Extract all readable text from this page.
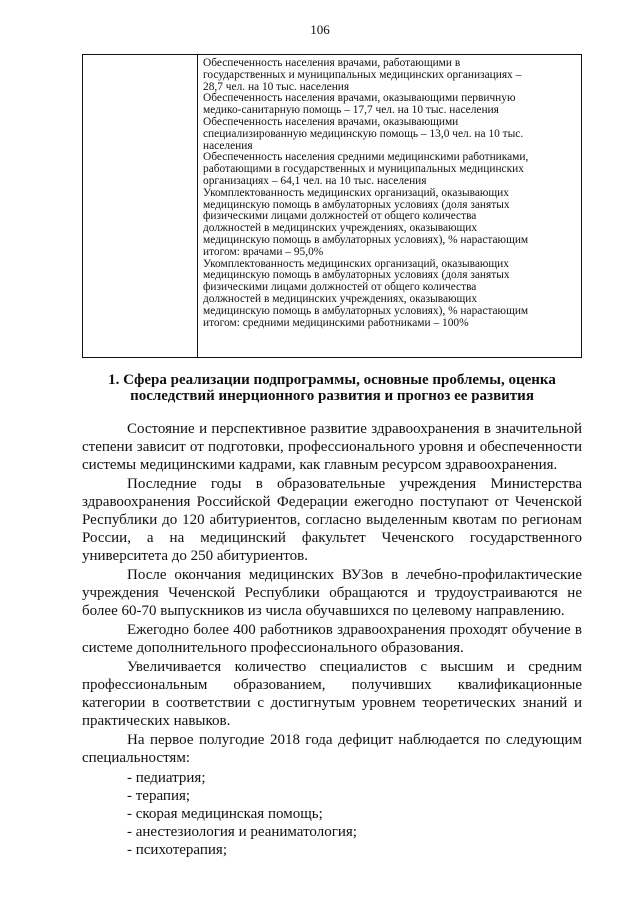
106

Обеспеченность населения врачами, работающими в
государственных и муниципальных медицинских организациях –
28,7 чел. на 10 тыс. населения

Обеспеченность населения врачами, оказывающими первичную
медико-санитарную помощь – 17,7 чел. на 10 тыс. населения

Обеспеченность населения врачами, оказывающими
специализированную медицинскую помощь – 13,0 чел. на 10 тыс.
населения

Обеспеченность населения средними медицинскими работниками,
работающими в государственных и муниципальных медицинских
организациях – 64,1 чел. на 10 тыс. населения

Укомплектованность медицинских организаций, оказывающих
медицинскую помощь в амбулаторных условиях (доля занятых
физическими лицами должностей от общего количества
должностей в медицинских учреждениях, оказывающих
медицинскую помощь в амбулаторных условиях), % нарастающим
итогом: врачами – 95,0%

Укомплектованность медицинских организаций, оказывающих
медицинскую помощь в амбулаторных условиях (доля занятых
физическими лицами должностей от общего количества
должностей в медицинских учреждениях, оказывающих
медицинскую помощь в амбулаторных условиях), % нарастающим
итогом: средними медицинскими работниками – 100%

1. Сфера реализации подпрограммы, основные проблемы, оценка
последствий инерционного развития и прогноз ее развития

Состояние и перспективное развитие здравоохранения в значительной степени зависит от подготовки, профессионального уровня и обеспеченности системы медицинскими кадрами, как главным ресурсом здравоохранения.

Последние годы в образовательные учреждения Министерства здравоохранения Российской Федерации ежегодно поступают от Чеченской Республики до 120 абитуриентов, согласно выделенным квотам по регионам России, а на медицинский факультет Чеченского государственного университета до 250 абитуриентов.

После окончания медицинских ВУЗов в лечебно-профилактические учреждения Чеченской Республики обращаются и трудоустраиваются не более 60-70 выпускников из числа обучавшихся по целевому направлению.

Ежегодно более 400 работников здравоохранения проходят обучение в системе дополнительного профессионального образования.

Увеличивается количество специалистов с высшим и средним профессиональным образованием, получивших квалификационные категории в соответствии с достигнутым уровнем теоретических знаний и практических навыков.

На первое полугодие 2018 года дефицит наблюдается по следующим специальностям:

- педиатрия;
- терапия;
- скорая медицинская помощь;
- анестезиология и реаниматология;
- психотерапия;
